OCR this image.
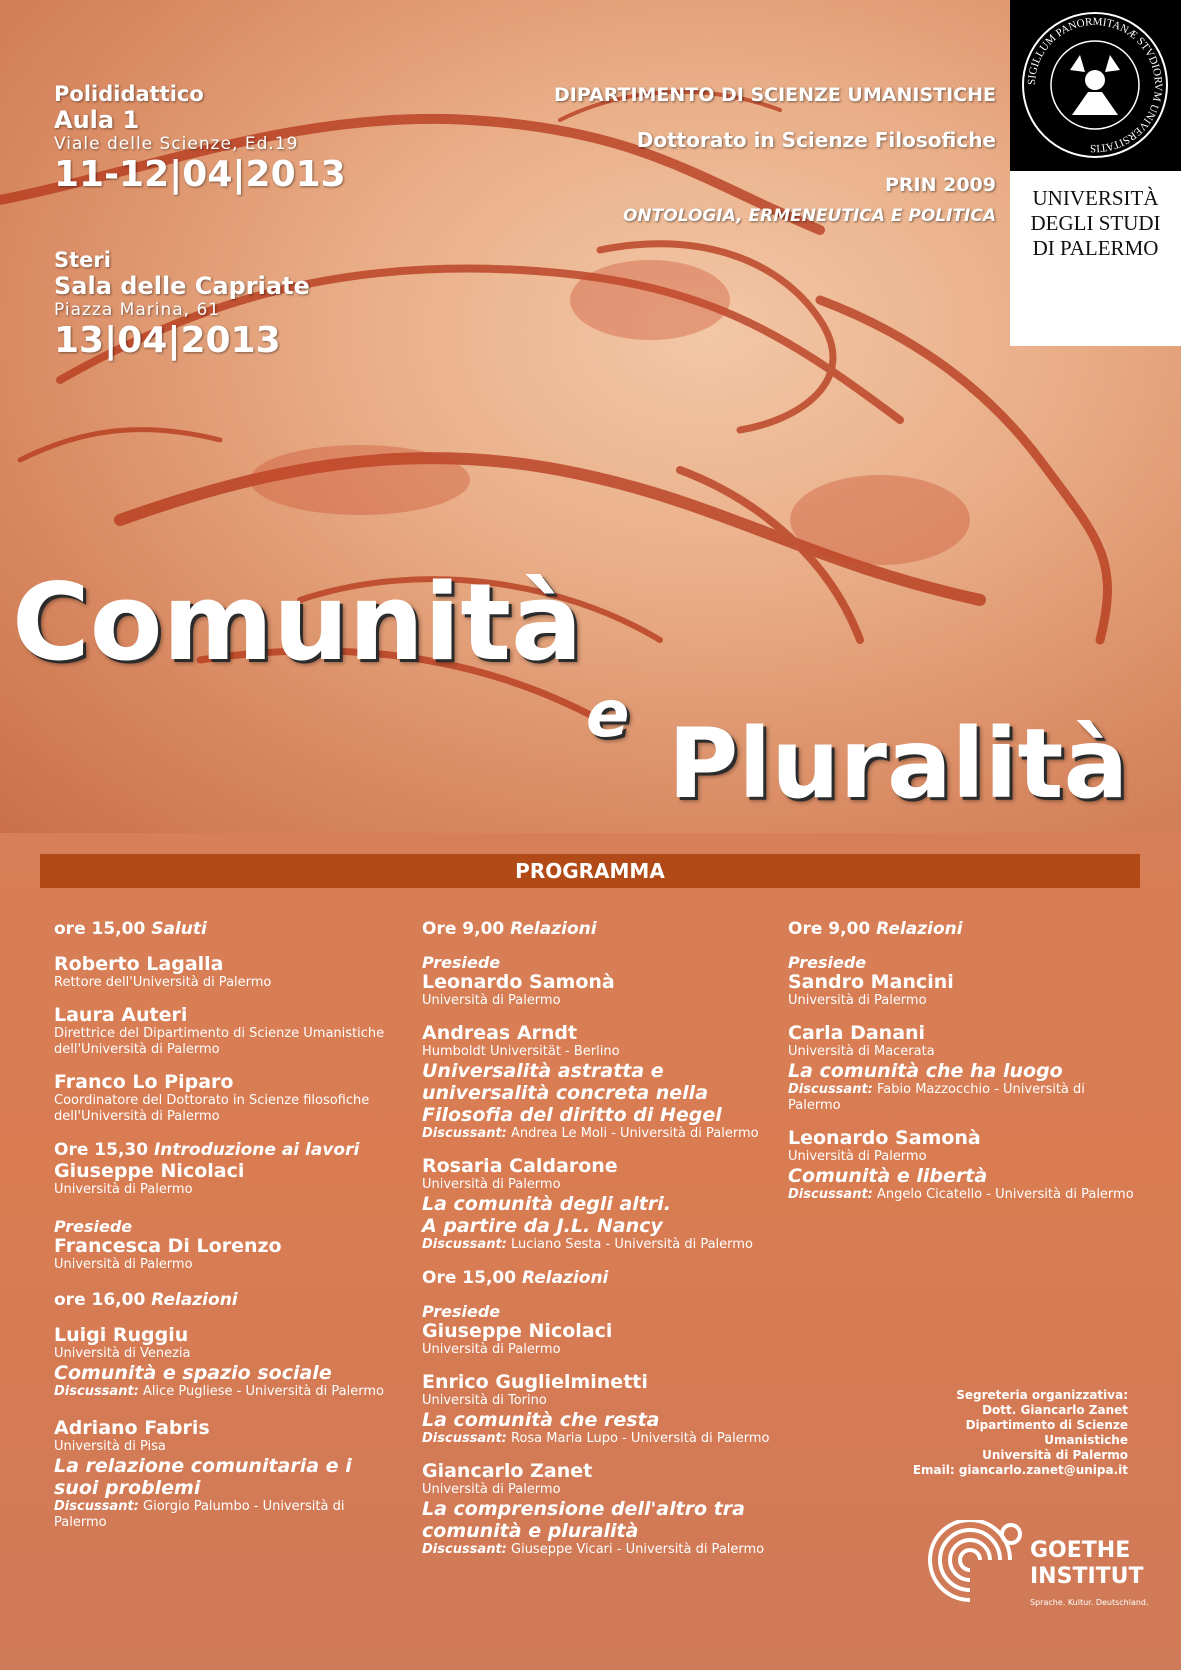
Polididattico
Aula 1
Viale delle Scienze, Ed.19
11-12|04|2013
Steri
Sala delle Capriate
Piazza Marina, 61
13|04|2013
DIPARTIMENTO DI SCIENZE UMANISTICHE
Dottorato in Scienze Filosofiche
PRIN 2009
ONTOLOGIA, ERMENEUTICA E POLITICA
Comunità
e Pluralità
SIGILLUM PANORMITANÆ STVDIORVM UNIVERSITATIS
UNIVERSITÀ
DEGLI STUDI
DI PALERMO
PROGRAMMA
ore 15,00 Saluti
Roberto Lagalla
Rettore dell'Università di Palermo
Laura Auteri
Direttrice del Dipartimento di Scienze Umanistiche
dell'Università di Palermo
Franco Lo Piparo
Coordinatore del Dottorato in Scienze filosofiche
dell'Università di Palermo
Ore 15,30 Introduzione ai lavori
Giuseppe Nicolaci
Università di Palermo
Presiede
Francesca Di Lorenzo
Università di Palermo
ore 16,00 Relazioni
Luigi Ruggiu
Università di Venezia
Comunità e spazio sociale
Discussant: Alice Pugliese - Università di Palermo
Adriano Fabris
Università di Pisa
La relazione comunitaria e i
suoi problemi
Discussant: Giorgio Palumbo - Università di Palermo
Ore 9,00 Relazioni
Presiede
Leonardo Samonà
Università di Palermo
Andreas Arndt
Humboldt Universität - Berlino
Universalità astratta e
universalità concreta nella
Filosofia del diritto di Hegel
Discussant: Andrea Le Moli - Università di Palermo
Rosaria Caldarone
Università di Palermo
La comunità degli altri.
A partire da J.L. Nancy
Discussant: Luciano Sesta - Università di Palermo
Ore 15,00 Relazioni
Presiede
Giuseppe Nicolaci
Università di Palermo
Enrico Guglielminetti
Università di Torino
La comunità che resta
Discussant: Rosa Maria Lupo - Università di Palermo
Giancarlo Zanet
Università di Palermo
La comprensione dell'altro tra
comunità e pluralità
Discussant: Giuseppe Vicari - Università di Palermo
Ore 9,00 Relazioni
Presiede
Sandro Mancini
Università di Palermo
Carla Danani
Università di Macerata
La comunità che ha luogo
Discussant: Fabio Mazzocchio - Università di Palermo
Leonardo Samonà
Università di Palermo
Comunità e libertà
Discussant: Angelo Cicatello - Università di Palermo
Segreteria organizzativa:
Dott. Giancarlo Zanet
Dipartimento di Scienze Umanistiche
Università di Palermo
Email: giancarlo.zanet@unipa.it
GOETHE
INSTITUT
Sprache. Kultur. Deutschland.
